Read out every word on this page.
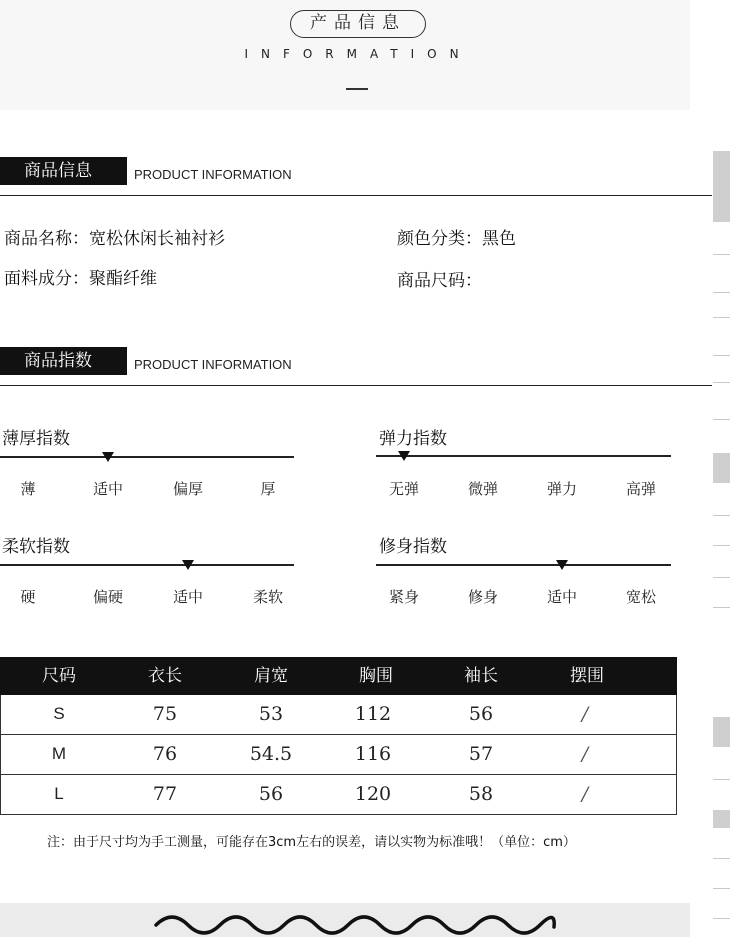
产品信息
INFORMATION
商品信息	PRODUCT INFORMATION
商品名称：宽松休闲长袖衬衫	颜色分类：黑色
面料成分：聚酯纤维	商品尺码：
商品指数	PRODUCT INFORMATION
薄厚指数
薄	适中	偏厚	厚
弹力指数
无弹	微弹	弹力	高弹
柔软指数
硬	偏硬	适中	柔软
修身指数
紧身	修身	适中	宽松
尺码	衣长	肩宽	胸围	袖长	摆围
S	75	53	112	56	/
M	76	54.5	116	57	/
L	77	56	120	58	/
注：由于尺寸均为手工测量，可能存在3cm左右的误差，请以实物为标准哦！（单位：cm）
